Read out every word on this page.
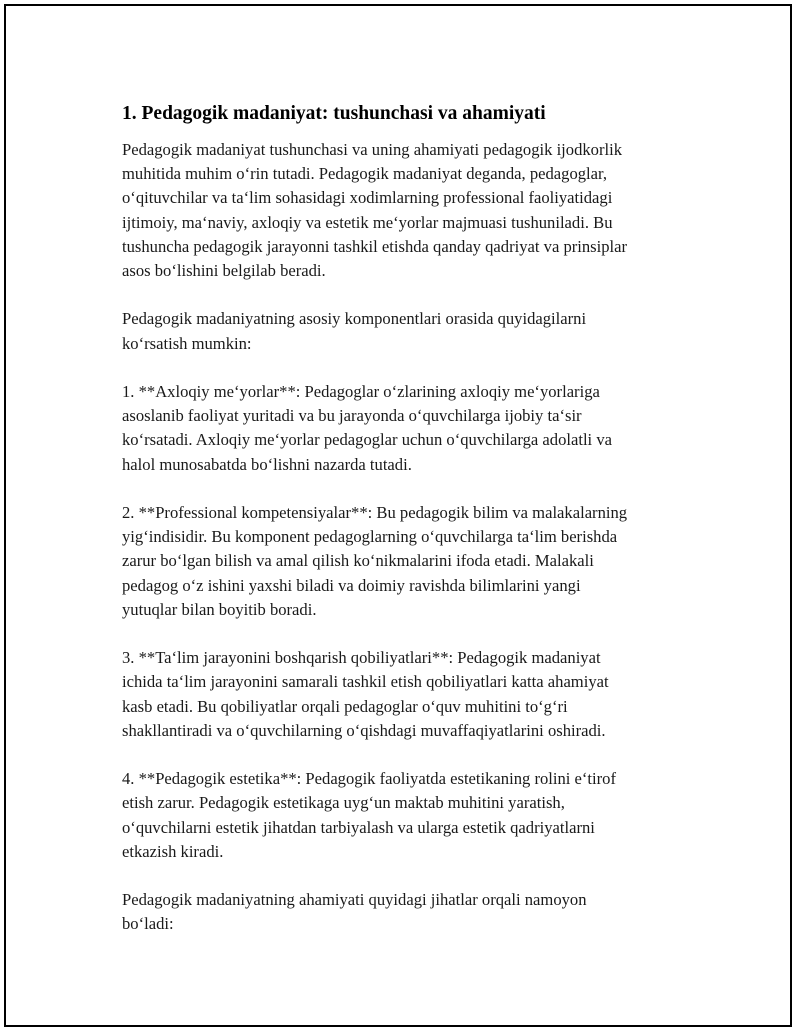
1. Pedagogik madaniyat: tushunchasi va ahamiyati

Pedagogik madaniyat tushunchasi va uning ahamiyati pedagogik ijodkorlik
muhitida muhim o‘rin tutadi. Pedagogik madaniyat deganda, pedagoglar,
o‘qituvchilar va ta‘lim sohasidagi xodimlarning professional faoliyatidagi
ijtimoiy, ma‘naviy, axloqiy va estetik me‘yorlar majmuasi tushuniladi. Bu
tushuncha pedagogik jarayonni tashkil etishda qanday qadriyat va prinsiplar
asos bo‘lishini belgilab beradi.

Pedagogik madaniyatning asosiy komponentlari orasida quyidagilarni
ko‘rsatish mumkin:

1. **Axloqiy me‘yorlar**: Pedagoglar o‘zlarining axloqiy me‘yorlariga
asoslanib faoliyat yuritadi va bu jarayonda o‘quvchilarga ijobiy ta‘sir
ko‘rsatadi. Axloqiy me‘yorlar pedagoglar uchun o‘quvchilarga adolatli va
halol munosabatda bo‘lishni nazarda tutadi.

2. **Professional kompetensiyalar**: Bu pedagogik bilim va malakalarning
yig‘indisidir. Bu komponent pedagoglarning o‘quvchilarga ta‘lim berishda
zarur bo‘lgan bilish va amal qilish ko‘nikmalarini ifoda etadi. Malakali
pedagog o‘z ishini yaxshi biladi va doimiy ravishda bilimlarini yangi
yutuqlar bilan boyitib boradi.

3. **Ta‘lim jarayonini boshqarish qobiliyatlari**: Pedagogik madaniyat
ichida ta‘lim jarayonini samarali tashkil etish qobiliyatlari katta ahamiyat
kasb etadi. Bu qobiliyatlar orqali pedagoglar o‘quv muhitini to‘g‘ri
shakllantiradi va o‘quvchilarning o‘qishdagi muvaffaqiyatlarini oshiradi.

4. **Pedagogik estetika**: Pedagogik faoliyatda estetikaning rolini e‘tirof
etish zarur. Pedagogik estetikaga uyg‘un maktab muhitini yaratish,
o‘quvchilarni estetik jihatdan tarbiyalash va ularga estetik qadriyatlarni
etkazish kiradi.

Pedagogik madaniyatning ahamiyati quyidagi jihatlar orqali namoyon
bo‘ladi:
